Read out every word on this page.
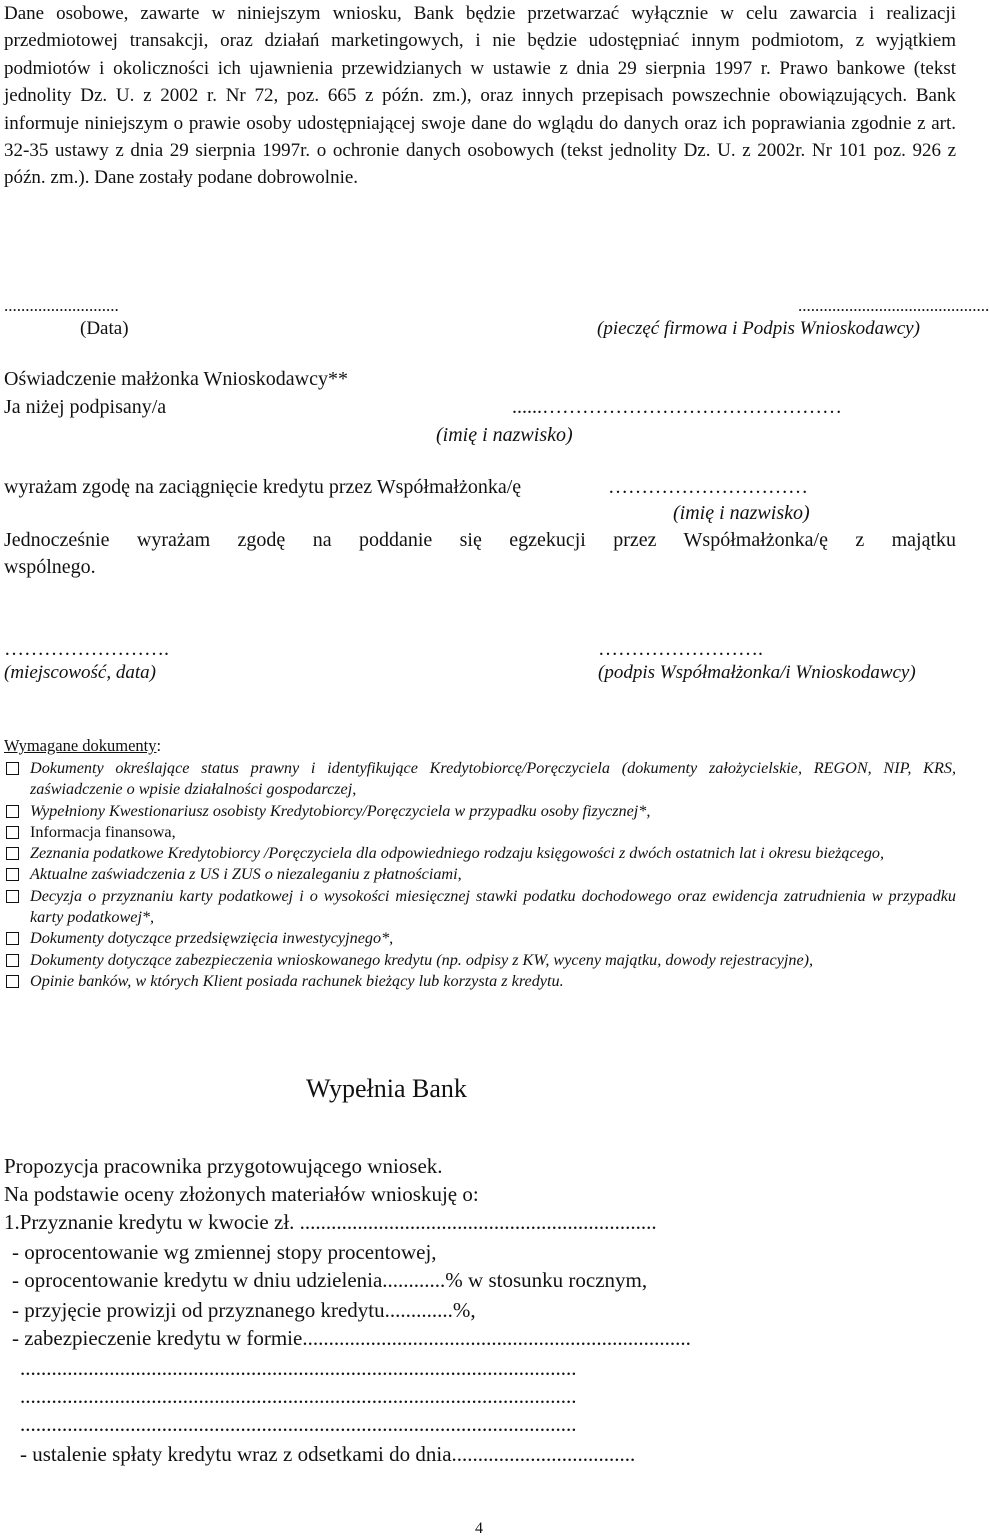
Dane osobowe, zawarte w niniejszym wniosku, Bank będzie przetwarzać wyłącznie w celu zawarcia i realizacji przedmiotowej transakcji, oraz działań marketingowych, i nie będzie udostępniać innym podmiotom, z wyjątkiem podmiotów i okoliczności ich ujawnienia przewidzianych w ustawie z dnia 29 sierpnia 1997 r. Prawo bankowe (tekst jednolity Dz. U. z 2002 r. Nr 72, poz. 665 z późn. zm.), oraz innych przepisach powszechnie obowiązujących. Bank informuje niniejszym o prawie osoby udostępniającej swoje dane do wglądu do danych oraz ich poprawiania zgodnie z art. 32-35 ustawy z dnia 29 sierpnia 1997r. o ochronie danych osobowych (tekst jednolity Dz. U. z 2002r. Nr 101 poz. 926 z późn. zm.). Dane zostały podane dobrowolnie.
...........................	.............................................
(Data)	(pieczęć firmowa i Podpis Wnioskodawcy)
Oświadczenie małżonka Wnioskodawcy**
Ja niżej podpisany/a	......………………………………………
(imię i nazwisko)
wyrażam zgodę na zaciągnięcie kredytu przez Współmałżonka/ę	…………………………
(imię i nazwisko)
Jednocześnie wyrażam zgodę na poddanie się egzekucji przez Współmałżonka/ę z majątku
wspólnego.
…………………….	…………………….
(miejscowość, data)	(podpis Współmałżonka/i Wnioskodawcy)
Wymagane dokumenty:
Dokumenty określające status prawny i identyfikujące Kredytobiorcę/Poręczyciela (dokumenty założycielskie, REGON, NIP, KRS, zaświadczenie o wpisie działalności gospodarczej,
Wypełniony Kwestionariusz osobisty Kredytobiorcy/Poręczyciela w przypadku osoby fizycznej*,
Informacja finansowa,
Zeznania podatkowe Kredytobiorcy /Poręczyciela dla odpowiedniego rodzaju księgowości z dwóch ostatnich lat i okresu bieżącego,
Aktualne zaświadczenia z US i ZUS o niezaleganiu z płatnościami,
Decyzja o przyznaniu karty podatkowej i o wysokości miesięcznej stawki podatku dochodowego oraz ewidencja zatrudnienia w przypadku karty podatkowej*,
Dokumenty dotyczące przedsięwzięcia inwestycyjnego*,
Dokumenty dotyczące zabezpieczenia wnioskowanego kredytu (np. odpisy z KW, wyceny majątku, dowody rejestracyjne),
Opinie banków, w których Klient posiada rachunek bieżący lub korzysta z kredytu.
Wypełnia Bank
Propozycja pracownika przygotowującego wniosek.
Na podstawie oceny złożonych materiałów wnioskuję o:
1.Przyznanie kredytu w kwocie zł. ....................................................................
- oprocentowanie wg zmiennej stopy procentowej,
- oprocentowanie kredytu w dniu udzielenia............% w stosunku rocznym,
- przyjęcie prowizji od przyznanego kredytu.............%,
- zabezpieczenie kredytu w formie..........................................................................
..........................................................................................................
..........................................................................................................
..........................................................................................................
- ustalenie spłaty kredytu wraz z odsetkami do dnia...................................
4
